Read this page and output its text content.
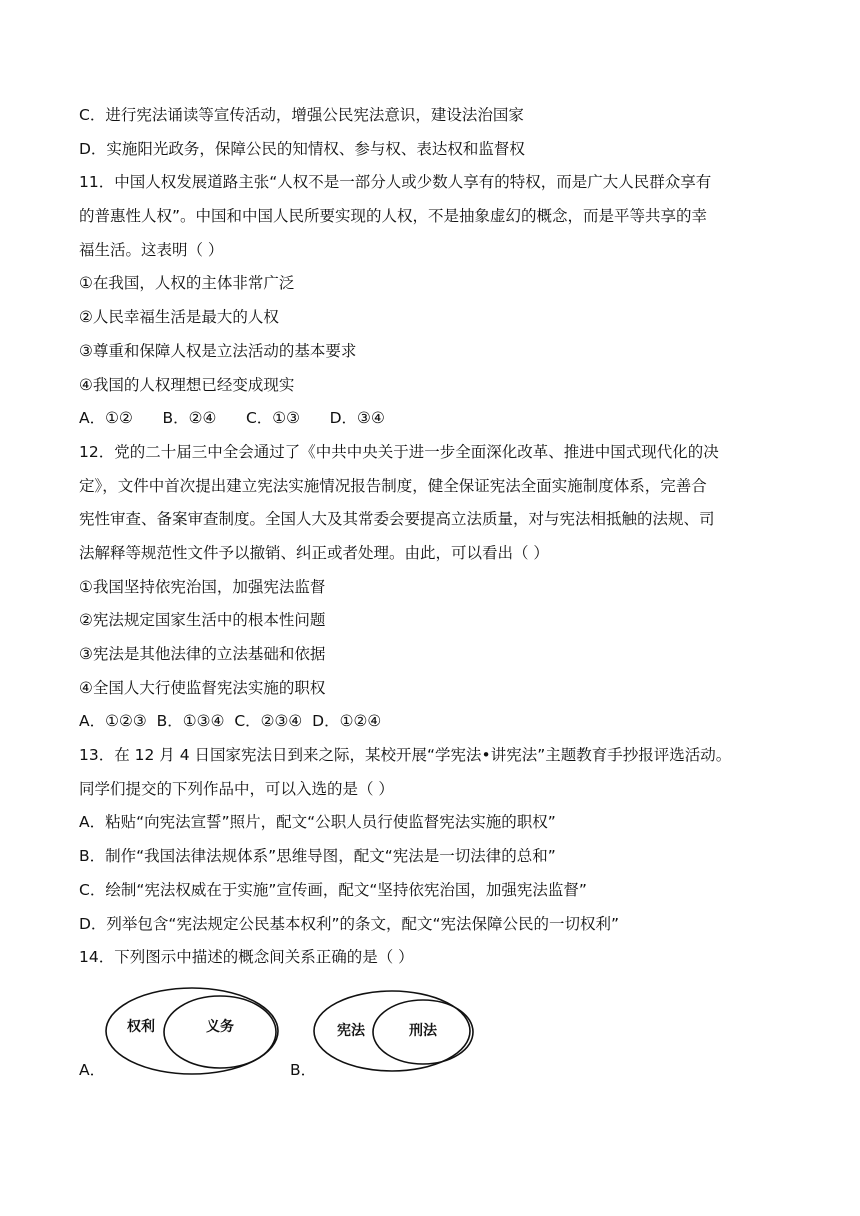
C．进行宪法诵读等宣传活动，增强公民宪法意识，建设法治国家
D．实施阳光政务，保障公民的知情权、参与权、表达权和监督权
11．中国人权发展道路主张“人权不是一部分人或少数人享有的特权，而是广大人民群众享有
的普惠性人权”。中国和中国人民所要实现的人权，不是抽象虚幻的概念，而是平等共享的幸
福生活。这表明（ ）
①在我国，人权的主体非常广泛
②人民幸福生活是最大的人权
③尊重和保障人权是立法活动的基本要求
④我国的人权理想已经变成现实
A．①②      B．②④      C．①③      D．③④
12．党的二十届三中全会通过了《中共中央关于进一步全面深化改革、推进中国式现代化的决
定》，文件中首次提出建立宪法实施情况报告制度，健全保证宪法全面实施制度体系，完善合
宪性审查、备案审查制度。全国人大及其常委会要提高立法质量，对与宪法相抵触的法规、司
法解释等规范性文件予以撤销、纠正或者处理。由此，可以看出（ ）
①我国坚持依宪治国，加强宪法监督
②宪法规定国家生活中的根本性问题
③宪法是其他法律的立法基础和依据
④全国人大行使监督宪法实施的职权
A．①②③  B．①③④  C．②③④  D．①②④
13．在 12 月 4 日国家宪法日到来之际，某校开展“学宪法•讲宪法”主题教育手抄报评选活动。
同学们提交的下列作品中，可以入选的是（ ）
A．粘贴“向宪法宣誓”照片，配文“公职人员行使监督宪法实施的职权”
B．制作“我国法律法规体系”思维导图，配文“宪法是一切法律的总和”
C．绘制“宪法权威在于实施”宣传画，配文“坚持依宪治国，加强宪法监督”
D．列举包含“宪法规定公民基本权利”的条文，配文“宪法保障公民的一切权利”
14．下列图示中描述的概念间关系正确的是（ ）
A．
权利	义务
B．
宪法	刑法
